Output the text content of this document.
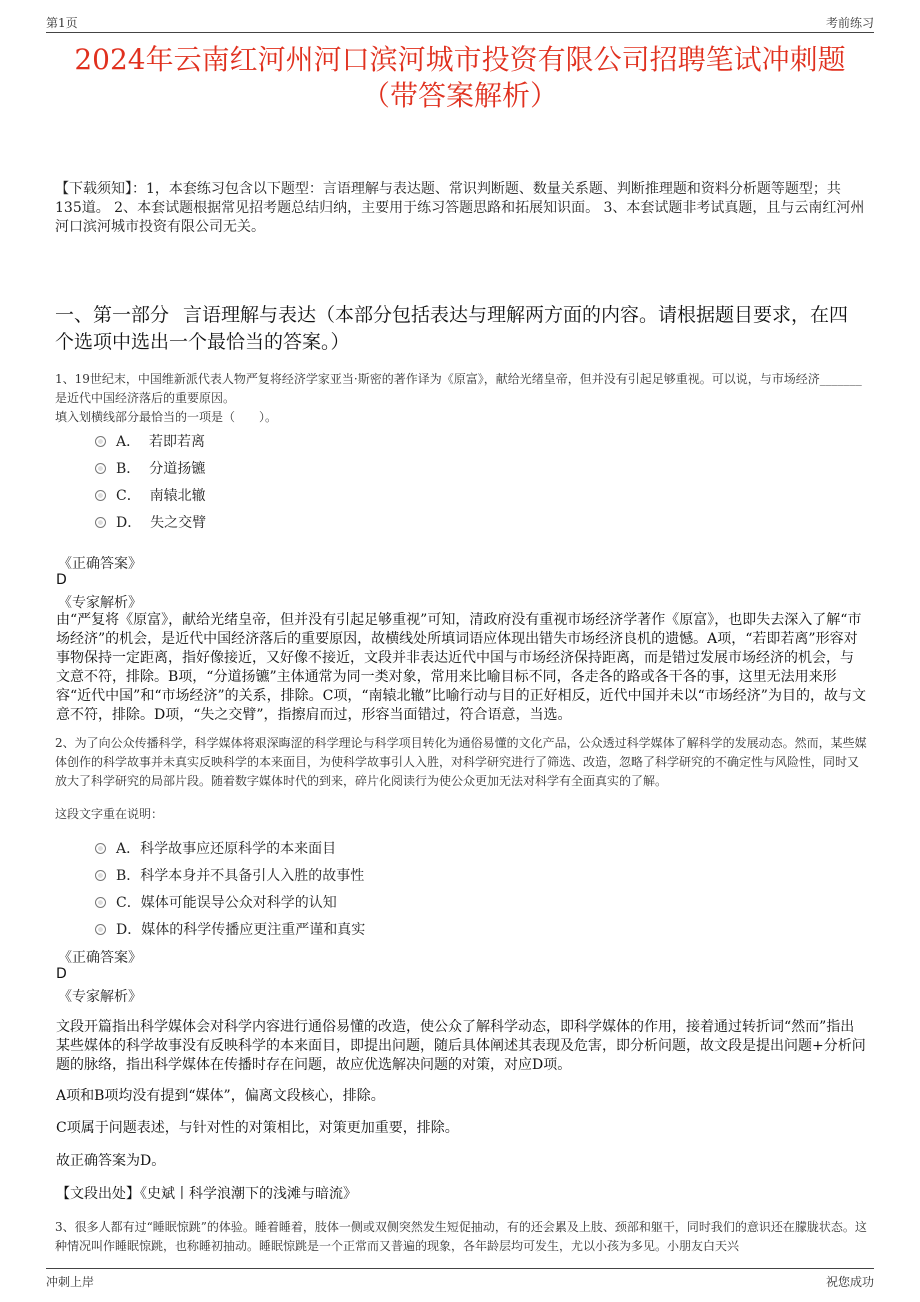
第1页	考前练习
2024年云南红河州河口滨河城市投资有限公司招聘笔试冲刺题
（带答案解析）
【下载须知】：1，本套练习包含以下题型：言语理解与表达题、常识判断题、数量关系题、判断推理题和资料分析题等题型；共135道。 2、本套试题根据常见招考题总结归纳，主要用于练习答题思路和拓展知识面。 3、本套试题非考试真题，且与云南红河州河口滨河城市投资有限公司无关。
一、第一部分 言语理解与表达（本部分包括表达与理解两方面的内容。请根据题目要求，在四个选项中选出一个最恰当的答案。）
1、19世纪末，中国维新派代表人物严复将经济学家亚当·斯密的著作译为《原富》，献给光绪皇帝，但并没有引起足够重视。可以说，与市场经济_______是近代中国经济落后的重要原因。
填入划横线部分最恰当的一项是（　　）。
A．
若即若离
B．
分道扬镳
C．
南辕北辙
D．
失之交臂
《正确答案》
D
《专家解析》
由“严复将《原富》，献给光绪皇帝，但并没有引起足够重视”可知，清政府没有重视市场经济学著作《原富》，也即失去深入了解“市场经济”的机会，是近代中国经济落后的重要原因，故横线处所填词语应体现出错失市场经济良机的遗憾。A项，“若即若离”形容对事物保持一定距离，指好像接近，又好像不接近，文段并非表达近代中国与市场经济保持距离，而是错过发展市场经济的机会，与文意不符，排除。B项，“分道扬镳”主体通常为同一类对象，常用来比喻目标不同，各走各的路或各干各的事，这里无法用来形容“近代中国”和“市场经济”的关系，排除。C项，“南辕北辙”比喻行动与目的正好相反，近代中国并未以“市场经济”为目的，故与文意不符，排除。D项，“失之交臂”，指擦肩而过，形容当面错过，符合语意，当选。
2、为了向公众传播科学，科学媒体将艰深晦涩的科学理论与科学项目转化为通俗易懂的文化产品，公众透过科学媒体了解科学的发展动态。然而，某些媒体创作的科学故事并未真实反映科学的本来面目，为使科学故事引人入胜，对科学研究进行了筛选、改造，忽略了科学研究的不确定性与风险性，同时又放大了科学研究的局部片段。随着数字媒体时代的到来，碎片化阅读行为使公众更加无法对科学有全面真实的了解。
这段文字重在说明：
A． 科学故事应还原科学的本来面目
B． 科学本身并不具备引人入胜的故事性
C． 媒体可能误导公众对科学的认知
D． 媒体的科学传播应更注重严谨和真实
《正确答案》
D
《专家解析》
文段开篇指出科学媒体会对科学内容进行通俗易懂的改造，使公众了解科学动态，即科学媒体的作用，接着通过转折词“然而”指出某些媒体的科学故事没有反映科学的本来面目，即提出问题，随后具体阐述其表现及危害，即分析问题，故文段是提出问题+分析问题的脉络，指出科学媒体在传播时存在问题，故应优选解决问题的对策，对应D项。
A项和B项均没有提到“媒体”，偏离文段核心，排除。
C项属于问题表述，与针对性的对策相比，对策更加重要，排除。
故正确答案为D。
【文段出处】《史斌丨科学浪潮下的浅滩与暗流》
3、很多人都有过“睡眠惊跳”的体验。睡着睡着，肢体一侧或双侧突然发生短促抽动，有的还会累及上肢、颈部和躯干，同时我们的意识还在朦胧状态。这种情况叫作睡眠惊跳，也称睡初抽动。睡眠惊跳是一个正常而又普遍的现象，各年龄层均可发生，尤以小孩为多见。小朋友白天兴
冲刺上岸	祝您成功
